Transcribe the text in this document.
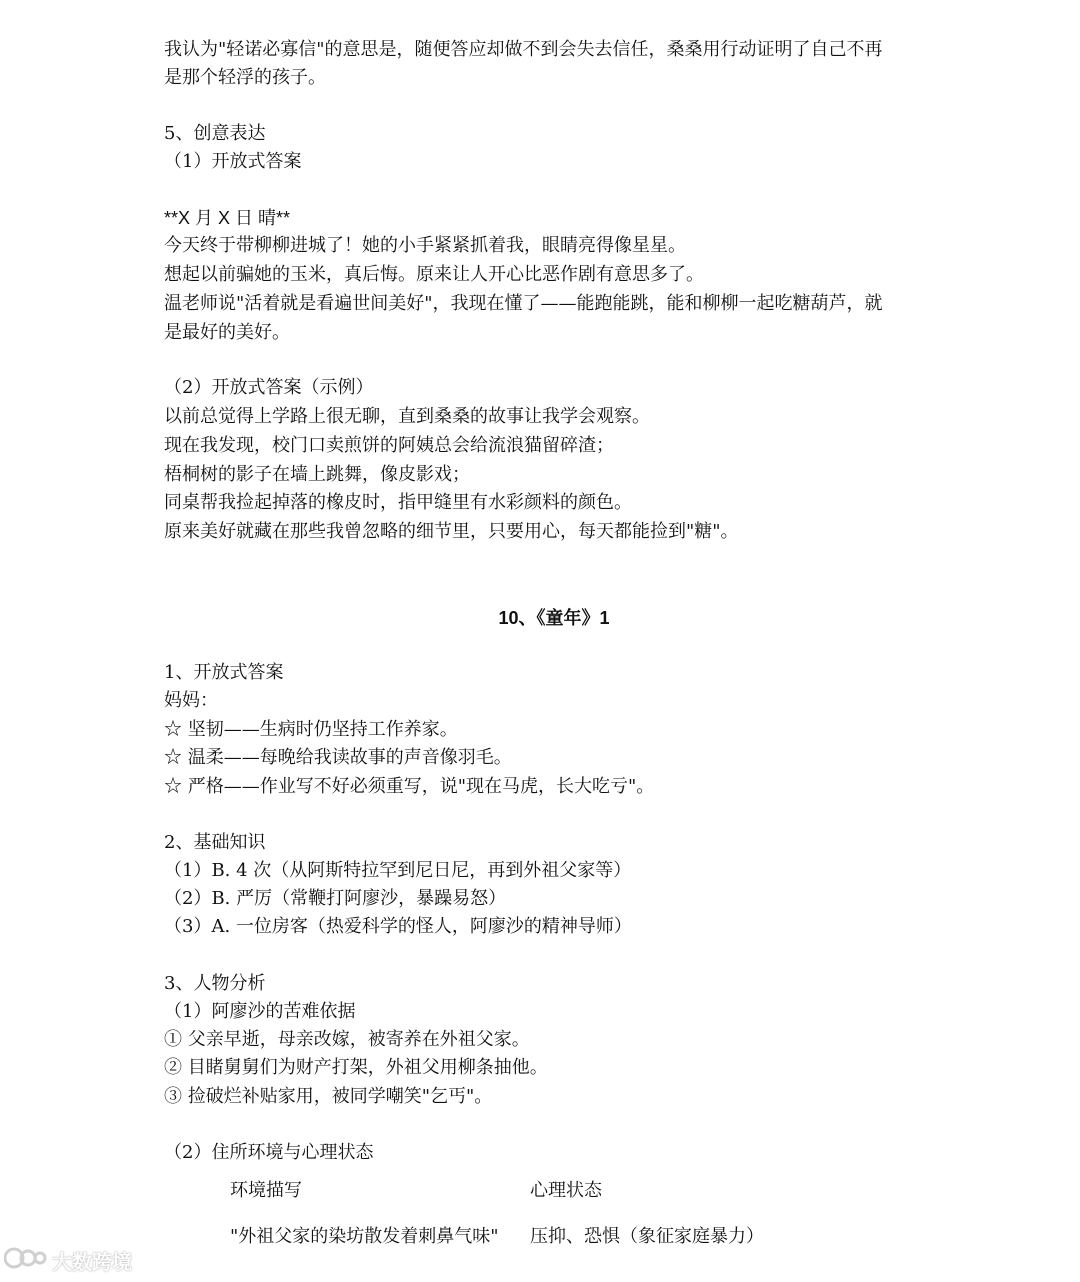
我认为"轻诺必寡信"的意思是，随便答应却做不到会失去信任，桑桑用行动证明了自己不再
是那个轻浮的孩子。
5、创意表达
（1）开放式答案
**X 月 X 日 晴**
今天终于带柳柳进城了！她的小手紧紧抓着我，眼睛亮得像星星。
想起以前骗她的玉米，真后悔。原来让人开心比恶作剧有意思多了。
温老师说"活着就是看遍世间美好"，我现在懂了——能跑能跳，能和柳柳一起吃糖葫芦，就
是最好的美好。
（2）开放式答案（示例）
以前总觉得上学路上很无聊，直到桑桑的故事让我学会观察。
现在我发现，校门口卖煎饼的阿姨总会给流浪猫留碎渣；
梧桐树的影子在墙上跳舞，像皮影戏；
同桌帮我捡起掉落的橡皮时，指甲缝里有水彩颜料的颜色。
原来美好就藏在那些我曾忽略的细节里，只要用心，每天都能捡到"糖"。
10、《童年》1
1、开放式答案
妈妈：
☆ 坚韧——生病时仍坚持工作养家。
☆ 温柔——每晚给我读故事的声音像羽毛。
☆ 严格——作业写不好必须重写，说"现在马虎，长大吃亏"。
2、基础知识
（1）B. 4 次（从阿斯特拉罕到尼日尼，再到外祖父家等）
（2）B. 严厉（常鞭打阿廖沙，暴躁易怒）
（3）A. 一位房客（热爱科学的怪人，阿廖沙的精神导师）
3、人物分析
（1）阿廖沙的苦难依据
① 父亲早逝，母亲改嫁，被寄养在外祖父家。
② 目睹舅舅们为财产打架，外祖父用柳条抽他。
③ 捡破烂补贴家用，被同学嘲笑"乞丐"。
（2）住所环境与心理状态
环境描写	心理状态
"外祖父家的染坊散发着刺鼻气味" 压抑、恐惧（象征家庭暴力）
大数跨境
